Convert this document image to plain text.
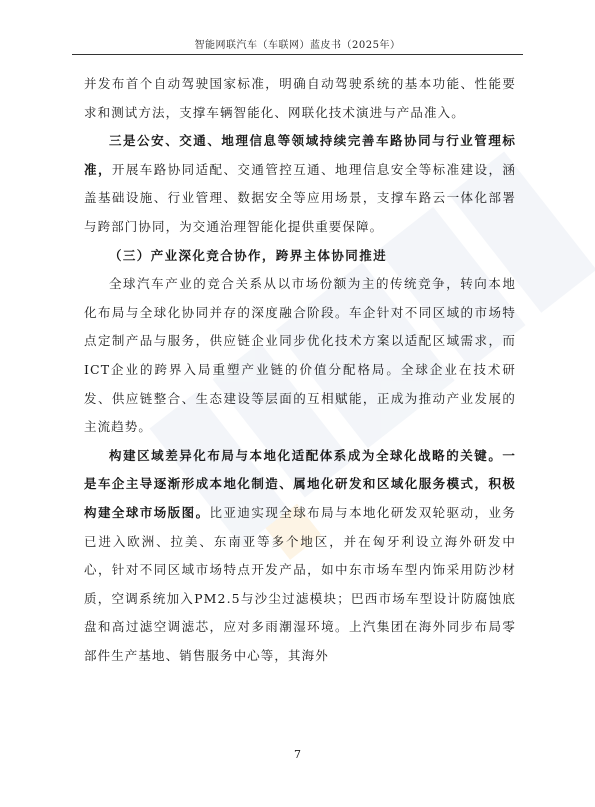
智能网联汽车（车联网）蓝皮书（2025年）

并发布首个自动驾驶国家标准，明确自动驾驶系统的基本功能、性能要求和测试方法，支撑车辆智能化、网联化技术演进与产品准入。

三是公安、交通、地理信息等领域持续完善车路协同与行业管理标准，开展车路协同适配、交通管控互通、地理信息安全等标准建设，涵盖基础设施、行业管理、数据安全等应用场景，支撑车路云一体化部署与跨部门协同，为交通治理智能化提供重要保障。

（三）产业深化竞合协作，跨界主体协同推进

全球汽车产业的竞合关系从以市场份额为主的传统竞争，转向本地化布局与全球化协同并存的深度融合阶段。车企针对不同区域的市场特点定制产品与服务，供应链企业同步优化技术方案以适配区域需求，而ICT企业的跨界入局重塑产业链的价值分配格局。全球企业在技术研发、供应链整合、生态建设等层面的互相赋能，正成为推动产业发展的主流趋势。

构建区域差异化布局与本地化适配体系成为全球化战略的关键。一是车企主导逐渐形成本地化制造、属地化研发和区域化服务模式，积极构建全球市场版图。比亚迪实现全球布局与本地化研发双轮驱动，业务已进入欧洲、拉美、东南亚等多个地区，并在匈牙利设立海外研发中心，针对不同区域市场特点开发产品，如中东市场车型内饰采用防沙材质，空调系统加入PM2.5与沙尘过滤模块；巴西市场车型设计防腐蚀底盘和高过滤空调滤芯，应对多雨潮湿环境。上汽集团在海外同步布局零部件生产基地、销售服务中心等，其海外

7
